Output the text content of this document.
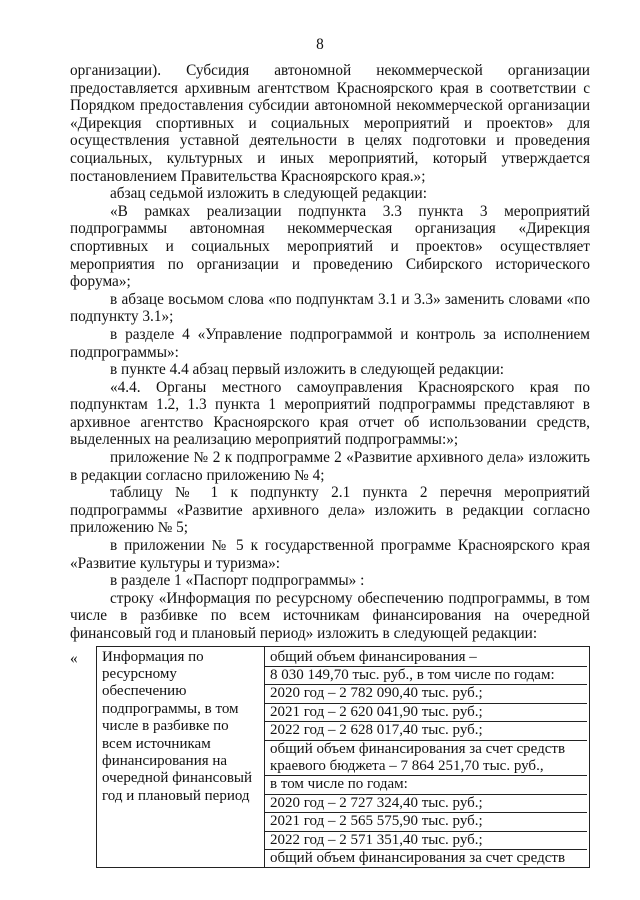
8

организации). Субсидия автономной некоммерческой организации предоставляется архивным агентством Красноярского края в соответствии с Порядком предоставления субсидии автономной некоммерческой организации «Дирекция спортивных и социальных мероприятий и проектов» для осуществления уставной деятельности в целях подготовки и проведения социальных, культурных и иных мероприятий, который утверждается постановлением Правительства Красноярского края.»;

абзац седьмой изложить в следующей редакции:

«В рамках реализации подпункта 3.3 пункта 3 мероприятий подпрограммы автономная некоммерческая организация «Дирекция спортивных и социальных мероприятий и проектов» осуществляет мероприятия по организации и проведению Сибирского исторического форума»;

в абзаце восьмом слова «по подпунктам 3.1 и 3.3» заменить словами «по подпункту 3.1»;

в разделе 4 «Управление подпрограммой и контроль за исполнением подпрограммы»:

в пункте 4.4 абзац первый изложить в следующей редакции:

«4.4. Органы местного самоуправления Красноярского края по подпунктам 1.2, 1.3 пункта 1 мероприятий подпрограммы представляют в архивное агентство Красноярского края отчет об использовании средств, выделенных на реализацию мероприятий подпрограммы:»;

приложение № 2 к подпрограмме 2 «Развитие архивного дела» изложить в редакции согласно приложению № 4;

таблицу № 1 к подпункту 2.1 пункта 2 перечня мероприятий подпрограммы «Развитие архивного дела» изложить в редакции согласно приложению № 5;

в приложении № 5 к государственной программе Красноярского края «Развитие культуры и туризма»:

в разделе 1 «Паспорт подпрограммы» :

строку «Информация по ресурсному обеспечению подпрограммы, в том числе в разбивке по всем источникам финансирования на очередной финансовый год и плановый период» изложить в следующей редакции:

« Информация по ресурсному обеспечению подпрограммы, в том числе в разбивке по всем источникам финансирования на очередной финансовый год и плановый период	
общий объем финансирования –
8 030 149,70 тыс. руб., в том числе по годам:
2020 год – 2 782 090,40 тыс. руб.;
2021 год – 2 620 041,90 тыс. руб.;
2022 год – 2 628 017,40 тыс. руб.;
общий объем финансирования за счет средств краевого бюджета – 7 864 251,70 тыс. руб.,
в том числе по годам:
2020 год – 2 727 324,40 тыс. руб.;
2021 год – 2 565 575,90 тыс. руб.;
2022 год – 2 571 351,40 тыс. руб.;
общий объем финансирования за счет средств
